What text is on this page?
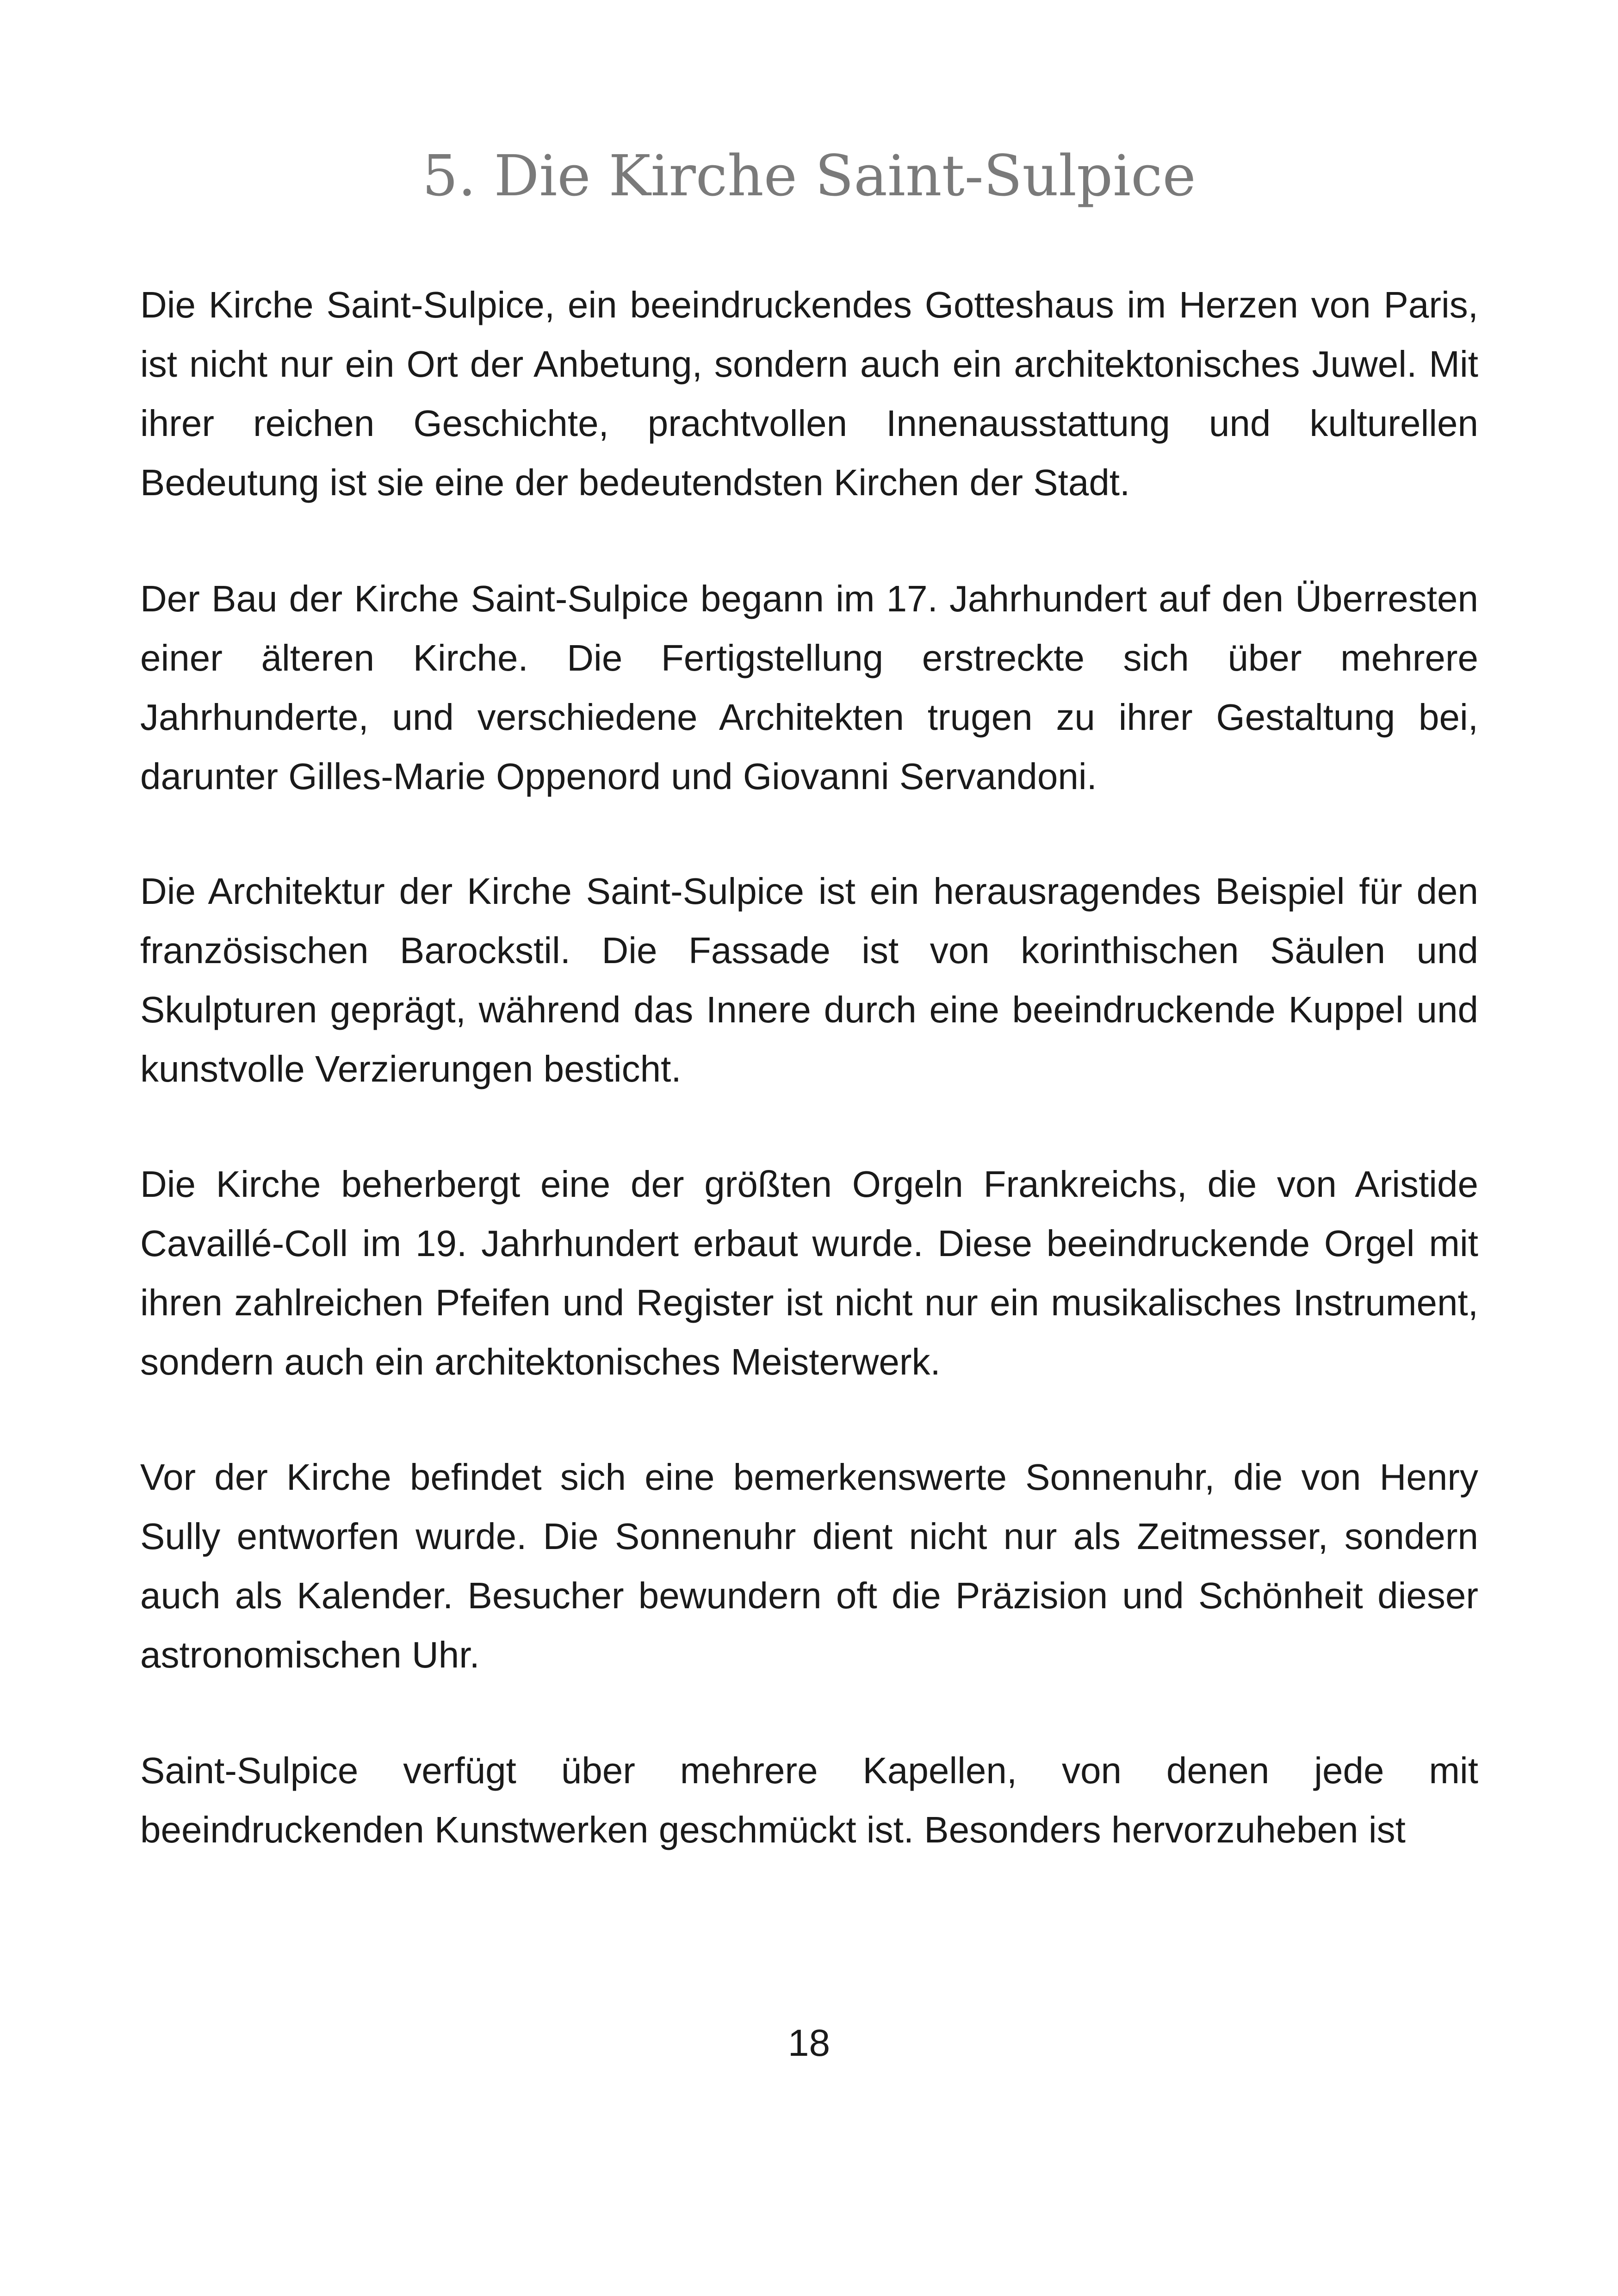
5. Die Kirche Saint-Sulpice

Die Kirche Saint-Sulpice, ein beeindruckendes Gotteshaus im Herzen von Paris, ist nicht nur ein Ort der Anbetung, sondern auch ein architektonisches Juwel. Mit ihrer reichen Geschichte, prachtvollen Innenausstattung und kulturellen Bedeutung ist sie eine der bedeutendsten Kirchen der Stadt.

Der Bau der Kirche Saint-Sulpice begann im 17. Jahrhundert auf den Überresten einer älteren Kirche. Die Fertigstellung erstreckte sich über mehrere Jahrhunderte, und verschiedene Architekten trugen zu ihrer Gestaltung bei, darunter Gilles-Marie Oppenord und Giovanni Servandoni.

Die Architektur der Kirche Saint-Sulpice ist ein herausragendes Beispiel für den französischen Barockstil. Die Fassade ist von korinthischen Säulen und Skulpturen geprägt, während das Innere durch eine beeindruckende Kuppel und kunstvolle Verzierungen besticht.

Die Kirche beherbergt eine der größten Orgeln Frankreichs, die von Aristide Cavaillé-Coll im 19. Jahrhundert erbaut wurde. Diese beeindruckende Orgel mit ihren zahlreichen Pfeifen und Register ist nicht nur ein musikalisches Instrument, sondern auch ein architektonisches Meisterwerk.

Vor der Kirche befindet sich eine bemerkenswerte Sonnenuhr, die von Henry Sully entworfen wurde. Die Sonnenuhr dient nicht nur als Zeitmesser, sondern auch als Kalender. Besucher bewundern oft die Präzision und Schönheit dieser astronomischen Uhr.

Saint-Sulpice verfügt über mehrere Kapellen, von denen jede mit beeindruckenden Kunstwerken geschmückt ist. Besonders hervorzuheben ist

18
